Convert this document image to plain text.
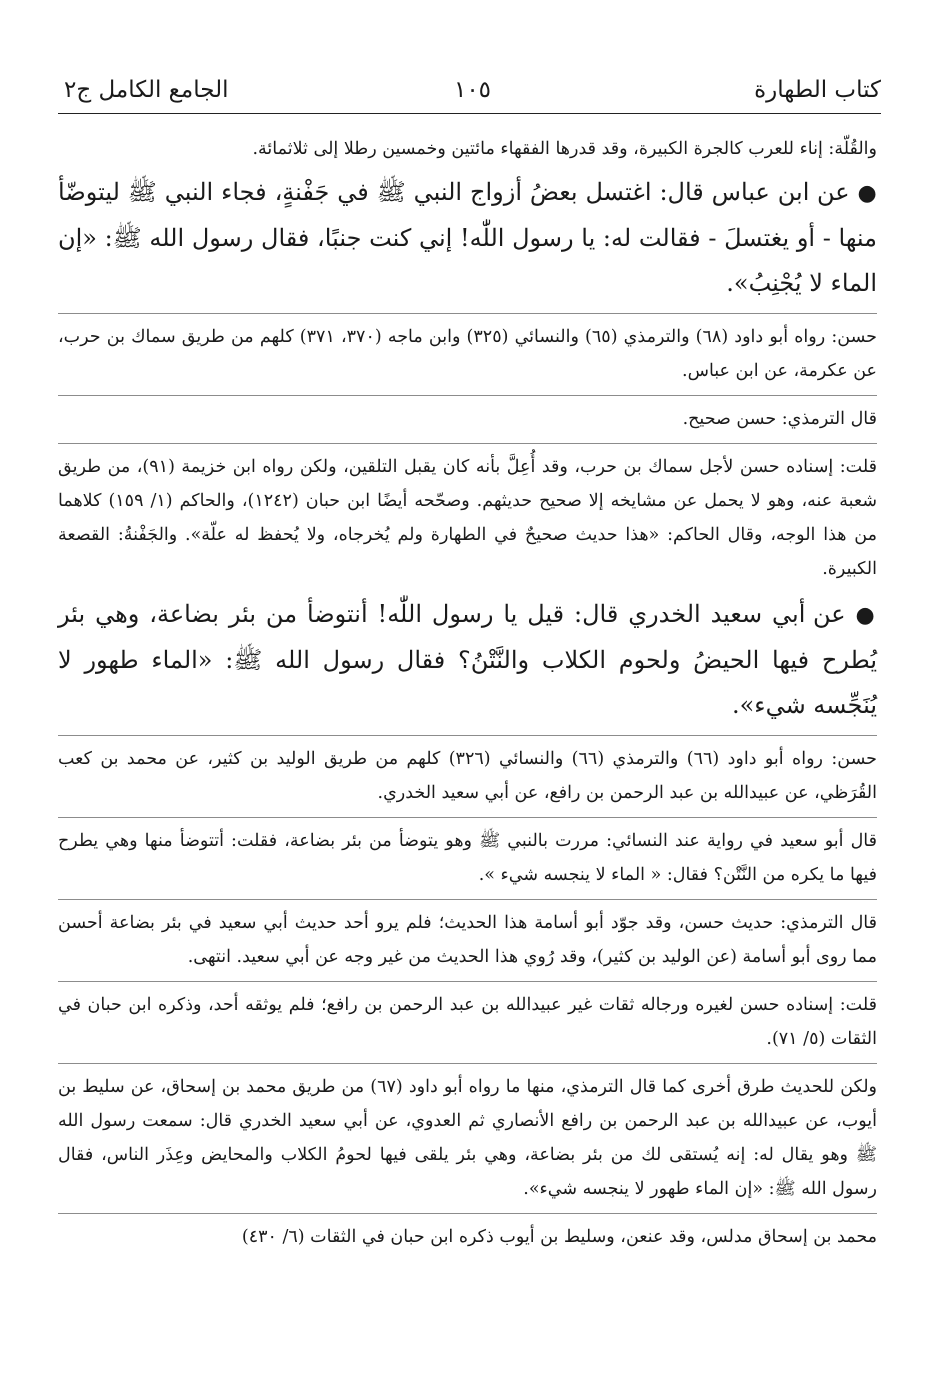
كتاب الطهارة
١٠٥
الجامع الكامل ج٢

والقُلّة: إناء للعرب كالجرة الكبيرة، وقد قدرها الفقهاء مائتين وخمسين رطلا إلى ثلاثمائة.

● عن ابن عباس قال: اغتسل بعضُ أزواج النبي ﷺ في جَفْنةٍ، فجاء النبي ﷺ ليتوضّأ منها - أو يغتسلَ - فقالت له: يا رسول اللّٰه! إني كنت جنبًا، فقال رسول الله ﷺ: «إن الماء لا يُجْنِبُ».

حسن: رواه أبو داود (٦٨) والترمذي (٦٥) والنسائي (٣٢٥) وابن ماجه (٣٧٠، ٣٧١) كلهم من طريق سماك بن حرب، عن عكرمة، عن ابن عباس.

قال الترمذي: حسن صحيح.

قلت: إسناده حسن لأجل سماك بن حرب، وقد أُعِلَّ بأنه كان يقبل التلقين، ولكن رواه ابن خزيمة (٩١)، من طريق شعبة عنه، وهو لا يحمل عن مشايخه إلا صحيح حديثهم. وصحّحه أيضًا ابن حبان (١٢٤٢)، والحاكم (١/ ١٥٩) كلاهما من هذا الوجه، وقال الحاكم: «هذا حديث صحيحٌ في الطهارة ولم يُخرجاه، ولا يُحفظ له علّة». والجَفْنةُ: القصعة الكبيرة.

● عن أبي سعيد الخدري قال: قيل يا رسول اللّٰه! أنتوضأ من بئر بضاعة، وهي بئر يُطرح فيها الحيضُ ولحوم الكلاب والنَّتْنُ؟ فقال رسول الله ﷺ: «الماء طهور لا يُنَجِّسه شيء».

حسن: رواه أبو داود (٦٦) والترمذي (٦٦) والنسائي (٣٢٦) كلهم من طريق الوليد بن كثير، عن محمد بن كعب القُرَظي، عن عبيدالله بن عبد الرحمن بن رافع، عن أبي سعيد الخدري.

قال أبو سعيد في رواية عند النسائي: مررت بالنبي ﷺ وهو يتوضأ من بئر بضاعة، فقلت: أتتوضأ منها وهي يطرح فيها ما يكره من النَّتْن؟ فقال: « الماء لا ينجسه شيء ».

قال الترمذي: حديث حسن، وقد جوّد أبو أسامة هذا الحديث؛ فلم يرو أحد حديث أبي سعيد في بئر بضاعة أحسن مما روى أبو أسامة (عن الوليد بن كثير)، وقد رُوي هذا الحديث من غير وجه عن أبي سعيد. انتهى.

قلت: إسناده حسن لغيره ورجاله ثقات غير عبيدالله بن عبد الرحمن بن رافع؛ فلم يوثقه أحد، وذكره ابن حبان في الثقات (٥/ ٧١).

ولكن للحديث طرق أخرى كما قال الترمذي، منها ما رواه أبو داود (٦٧) من طريق محمد بن إسحاق، عن سليط بن أيوب، عن عبيدالله بن عبد الرحمن بن رافع الأنصاري ثم العدوي، عن أبي سعيد الخدري قال: سمعت رسول الله ﷺ وهو يقال له: إنه يُستقى لك من بئر بضاعة، وهي بئر يلقى فيها لحومُ الكلاب والمحايض وعِذَر الناس، فقال رسول الله ﷺ: «إن الماء طهور لا ينجسه شيء».

محمد بن إسحاق مدلس، وقد عنعن، وسليط بن أيوب ذكره ابن حبان في الثقات (٦/ ٤٣٠)
